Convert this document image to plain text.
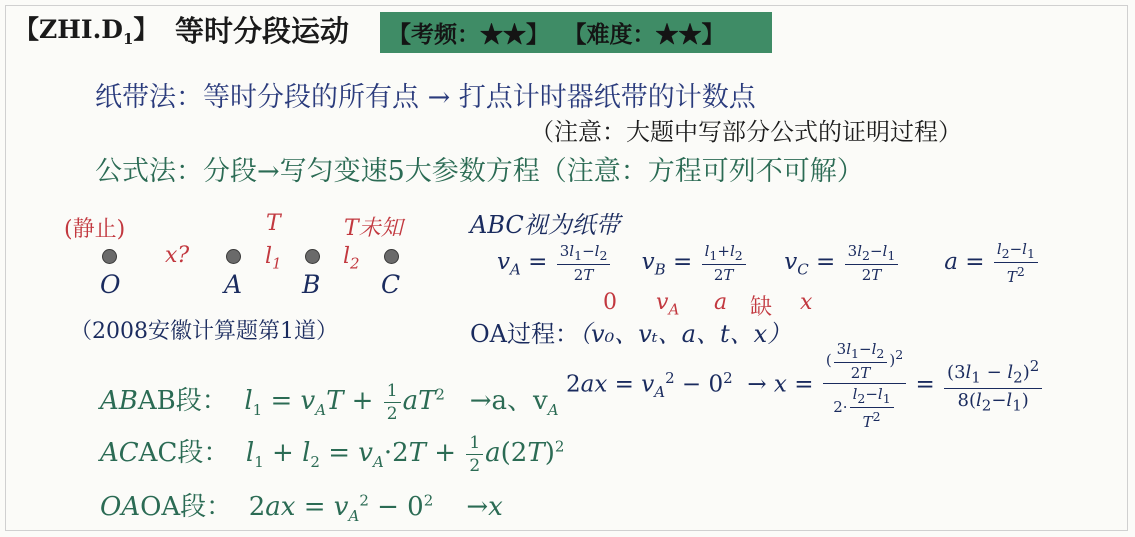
【$ZHI.D_1$】 等时分段运动	【考频：★★】 【难度：★★】
纸带法：等时分段的所有点 → 打点计时器纸带的计数点
（注意：大题中写部分公式的证明过程）
公式法：分段→写匀变速5大参数方程（注意：方程可列不可解）
(静止)
x?
T	T未知
$l_1$	$l_2$
O	A B C
（2008安徽计算题第1道）
ABC视为纸带
$v_A = \frac{3l_1-l_2}{2T} v_B = \frac{l_1+l_2}{2T} v_C = \frac{3l_2-l_1}{2T}$ $a = \frac{l_2-l_1}{T^2}$
0 $v_A$ a 缺 x
OA过程：（v₀、vₜ、a、t、x）
$2ax = v_A^2 - 0^2 \to x = \frac{( \frac{3l_1-l_2}{2T} )^2}{2\cdot \frac{l_2-l_1}{T^2}} = \frac{(3l_1 - l_2)^2}{8(l_2-l_1)}$
ABAB段： $l_1 = v_AT + \frac{1}{2} aT^2 \to a$、$v_A$
ACAC段： $l_1 + l_2 = v_A\cdot 2T + \frac{1}{2} a(2T)^2$
OAOA段：  $2ax = v_A^2 - 0^2 \to x$
